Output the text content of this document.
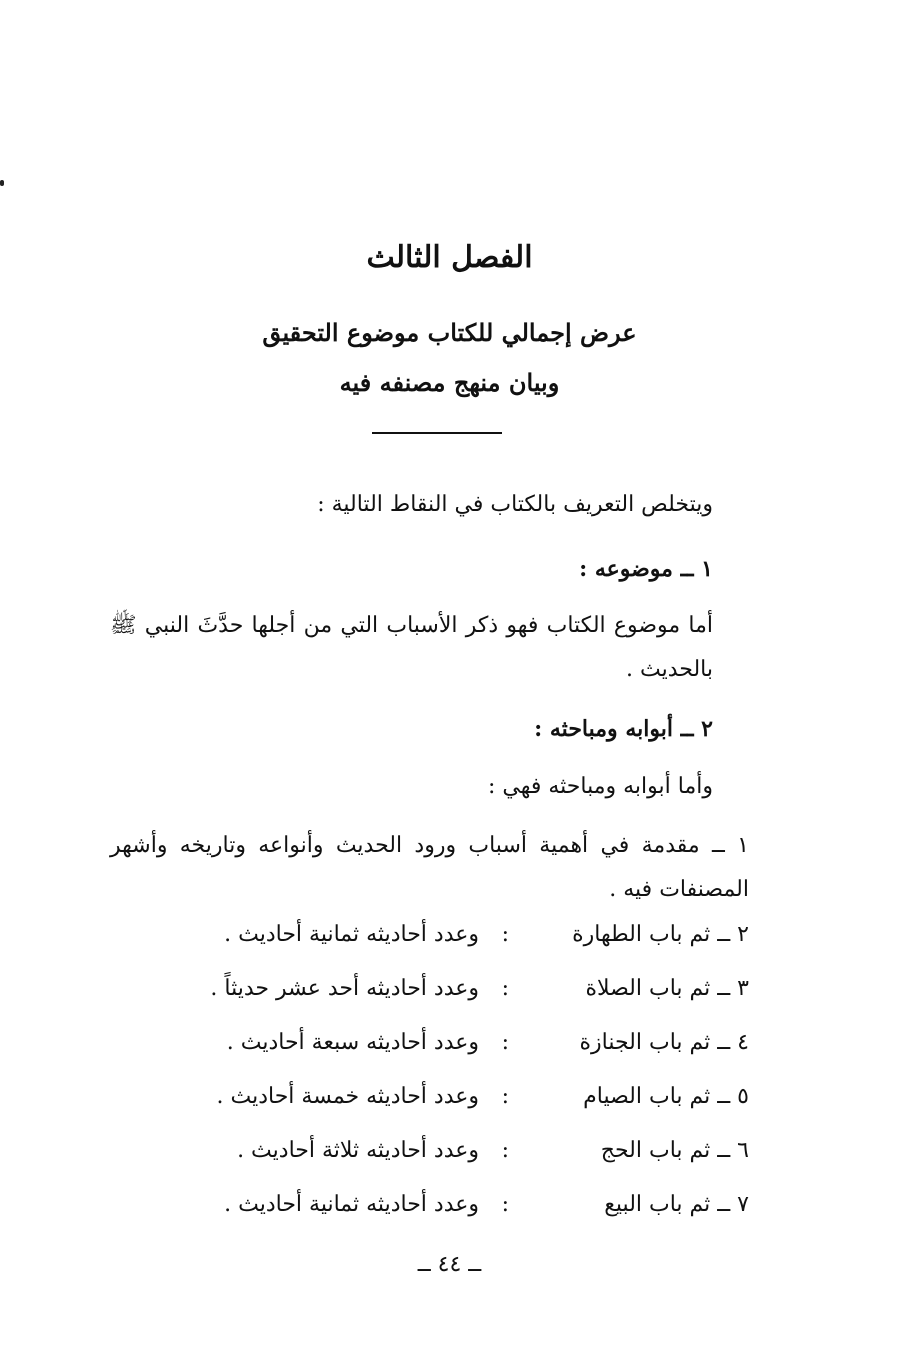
الفصل الثالث
عرض إجمالي للكتاب موضوع التحقيق
وبيان منهج مصنفه فيه
ويتخلص التعريف بالكتاب في النقاط التالية :
١ ــ موضوعه :
أما موضوع الكتاب فهو ذكر الأسباب التي من أجلها حدَّثَ النبي ﷺ بالحديث .
٢ ــ أبوابه ومباحثه :
وأما أبوابه ومباحثه فهي :
١ ــ مقدمة في أهمية أسباب ورود الحديث وأنواعه وتاريخه وأشهر المصنفات فيه .
٢ ــ ثم باب الطهارة
:
وعدد أحاديثه ثمانية أحاديث .
٣ ــ ثم باب الصلاة
:
وعدد أحاديثه أحد عشر حديثاً .
٤ ــ ثم باب الجنازة
:
وعدد أحاديثه سبعة أحاديث .
٥ ــ ثم باب الصيام
:
وعدد أحاديثه خمسة أحاديث .
٦ ــ ثم باب الحج
:
وعدد أحاديثه ثلاثة أحاديث .
٧ ــ ثم باب البيع
:
وعدد أحاديثه ثمانية أحاديث .
ــ ٤٤ ــ
